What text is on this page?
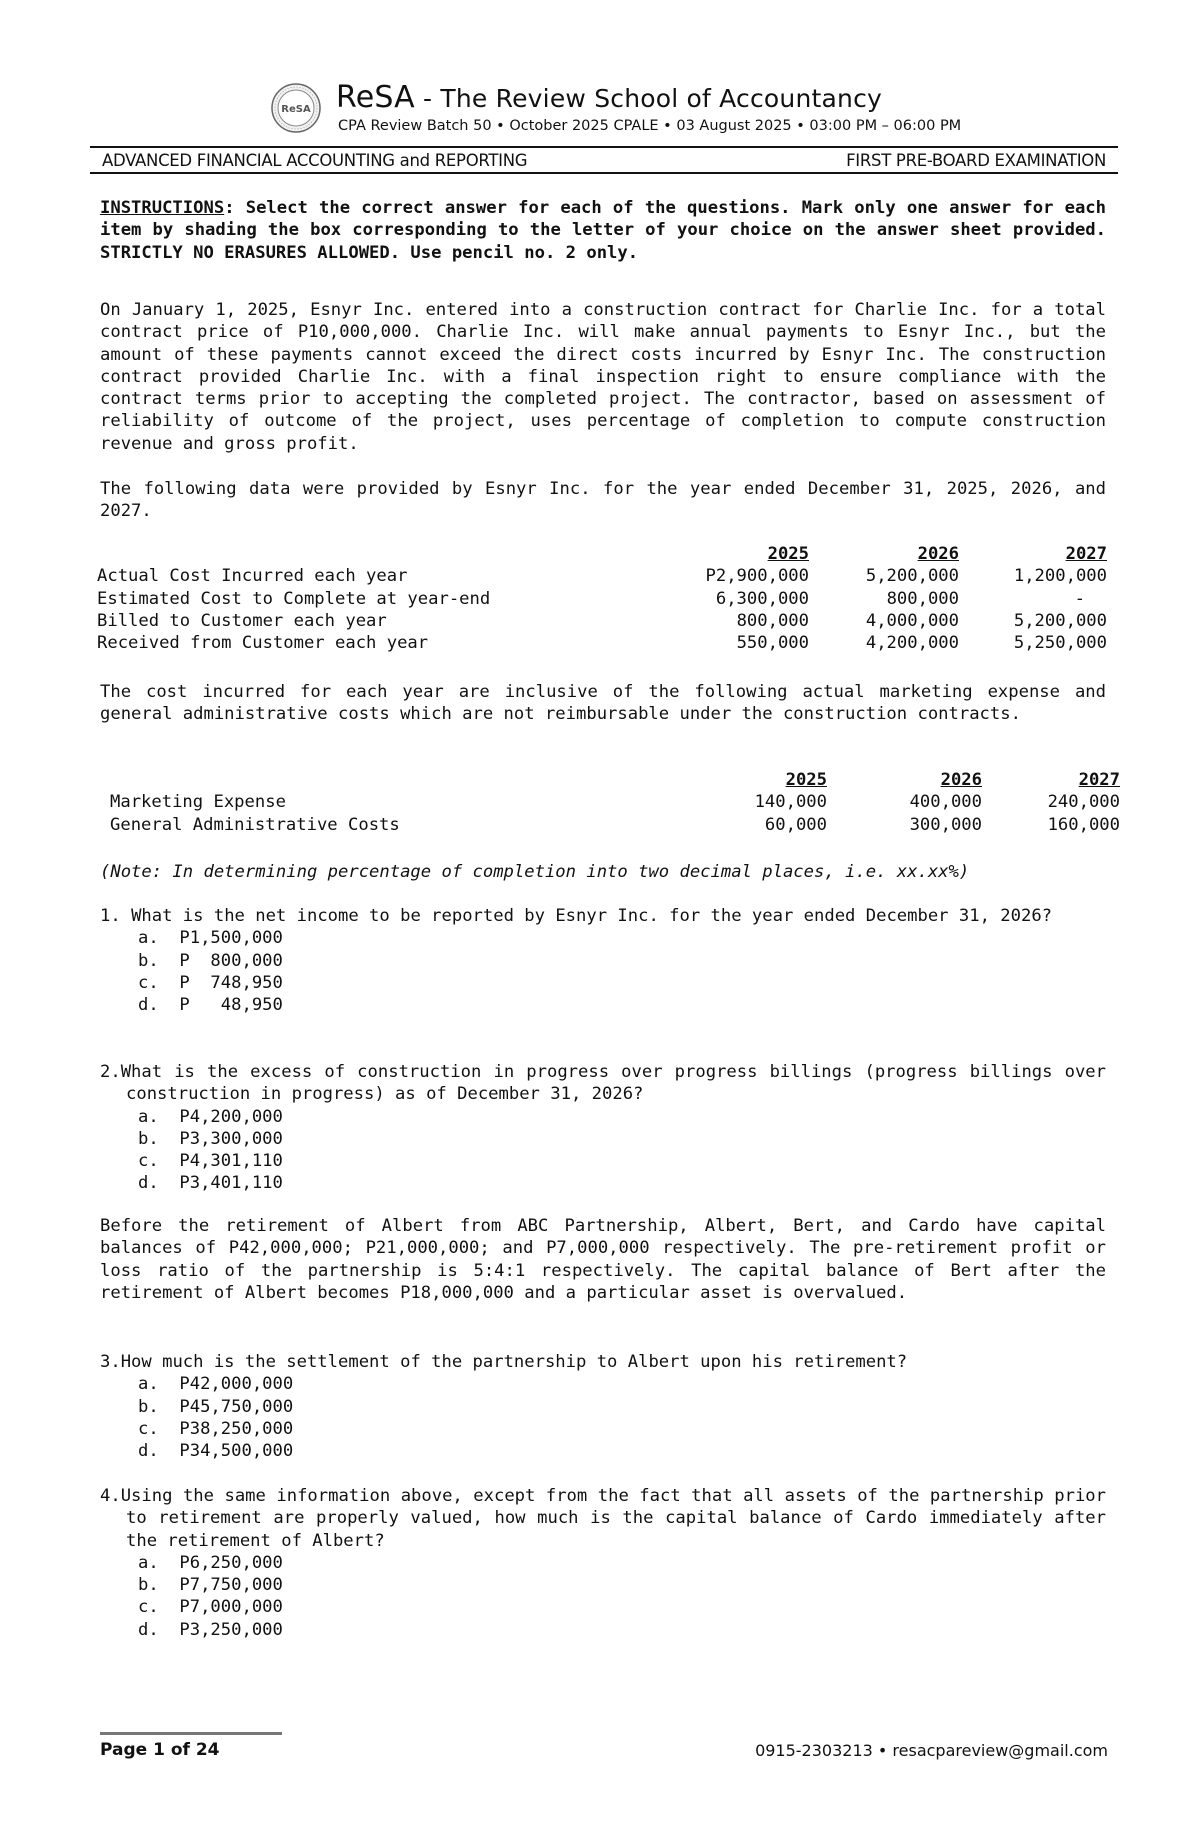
ReSA ReSA - The Review School of Accountancy
CPA Review Batch 50 • October 2025 CPALE • 03 August 2025 • 03:00 PM – 06:00 PM
ADVANCED FINANCIAL ACCOUNTING and REPORTING	FIRST PRE-BOARD EXAMINATION

INSTRUCTIONS: Select the correct answer for each of the questions. Mark only one answer for each item by shading the box corresponding to the letter of your choice on the answer sheet provided. STRICTLY NO ERASURES ALLOWED. Use pencil no. 2 only.

On January 1, 2025, Esnyr Inc. entered into a construction contract for Charlie Inc. for a total contract price of P10,000,000. Charlie Inc. will make annual payments to Esnyr Inc., but the amount of these payments cannot exceed the direct costs incurred by Esnyr Inc. The construction contract provided Charlie Inc. with a final inspection right to ensure compliance with the contract terms prior to accepting the completed project. The contractor, based on assessment of reliability of outcome of the project, uses percentage of completion to compute construction revenue and gross profit.

The following data were provided by Esnyr Inc. for the year ended December 31, 2025, 2026, and 2027.

	2025	2026	2027
Actual Cost Incurred each year	P2,900,000	5,200,000	1,200,000
Estimated Cost to Complete at year-end	6,300,000	800,000	-
Billed to Customer each year	800,000	4,000,000	5,200,000
Received from Customer each year	550,000	4,200,000	5,250,000

The cost incurred for each year are inclusive of the following actual marketing expense and general administrative costs which are not reimbursable under the construction contracts.

	2025	2026	2027
Marketing Expense	140,000	400,000	240,000
General Administrative Costs	60,000	300,000	160,000

(Note: In determining percentage of completion into two decimal places, i.e. xx.xx%)

1. What is the net income to be reported by Esnyr Inc. for the year ended December 31, 2026?

a.  P1,500,000
b.  P  800,000
c.  P  748,950
d.  P   48,950

2.What is the excess of construction in progress over progress billings (progress billings over construction in progress) as of December 31, 2026?

a.  P4,200,000
b.  P3,300,000
c.  P4,301,110
d.  P3,401,110

Before the retirement of Albert from ABC Partnership, Albert, Bert, and Cardo have capital balances of P42,000,000; P21,000,000; and P7,000,000 respectively. The pre-retirement profit or loss ratio of the partnership is 5:4:1 respectively. The capital balance of Bert after the retirement of Albert becomes P18,000,000 and a particular asset is overvalued.

3.How much is the settlement of the partnership to Albert upon his retirement?

a.  P42,000,000
b.  P45,750,000
c.  P38,250,000
d.  P34,500,000

4.Using the same information above, except from the fact that all assets of the partnership prior to retirement are properly valued, how much is the capital balance of Cardo immediately after the retirement of Albert?

a.  P6,250,000
b.  P7,750,000
c.  P7,000,000
d.  P3,250,000
Page 1 of 24	0915-2303213 • resacpareview@gmail.com
